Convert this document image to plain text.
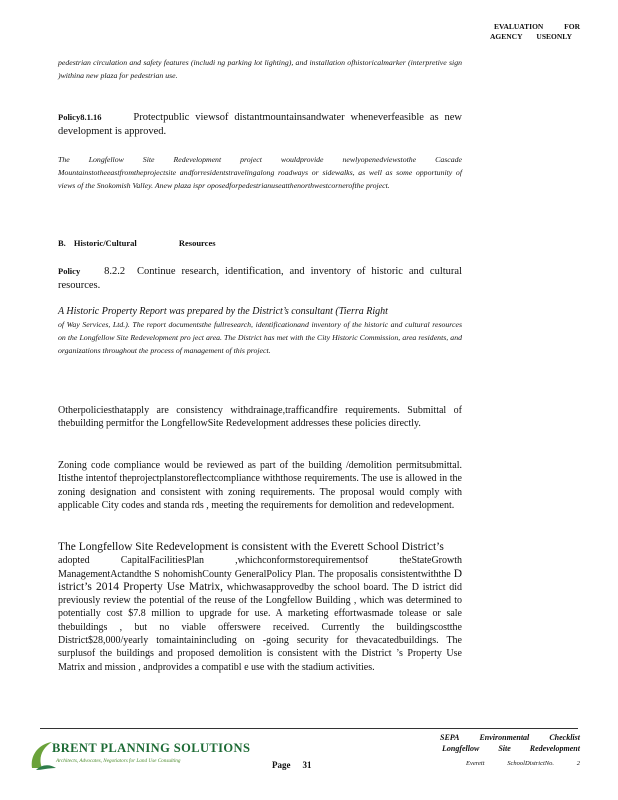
EVALUATION	FOR
AGENCY USEONLY
pedestrian circulation and safety features (includi ng parking lot lighting), and installation ofhistoricalmarker (interpretive sign )withina new plaza for pedestrian use.
Policy8.1.16	Protectpublic viewsof distantmountainsandwater wheneverfeasible as new development is approved.
The Longfellow Site Redevelopment project wouldprovide newlyopenedviewstothe Cascade Mountainstotheeastfromtheprojectsite andforresidentstravelingalong roadways or sidewalks, as well as some opportunity of views of the Snokomish Valley. Anew plaza ispr oposedforpedestrianuseatthenorthwestcornerofthe project.
B. Historic/Cultural	Resources
Policy 8.2.2 Continue research, identification, and inventory of historic and cultural resources.
A Historic Property Report was prepared by the District’s consultant (Tierra Right
of Way Services, Ltd.). The report documentsthe fullresearch, identificationand inventory of the historic and cultural resources on the Longfellow Site Redevelopment pro ject area. The District has met with the City Historic Commission, area residents, and organizations throughout the process of management of this project.
Otherpoliciesthatapply are consistency withdrainage,trafficandfire requirements. Submittal of thebuilding permitfor the LongfellowSite Redevelopment addresses these policies directly.
Zoning code compliance would be reviewed as part of the building /demolition permitsubmittal. Itisthe intentof theprojectplanstoreflectcompliance withthose requirements. The use is allowed in the zoning designation and consistent with zoning requirements. The proposal would comply with applicable City codes and standa rds , meeting the requirements for demolition and redevelopment.
The Longfellow Site Redevelopment is consistent with the Everett School District’s
adopted CapitalFacilitiesPlan ,whichconformstorequirementsof theStateGrowth ManagementActandthe S nohomishCounty GeneralPolicy Plan. The proposalis consistentwiththe D istrict’s 2014 Property Use Matrix, whichwasapprovedby the school board. The D istrict did previously review the potential of the reuse of the Longfellow Building , which was determined to potentially cost $7.8 million to upgrade for use. A marketing effortwasmade tolease or sale thebuildings , but no viable offerswere received. Currently the buildingscostthe District$28,000/yearly tomaintainincluding on -going security for thevacatedbuildings. The surplusof the buildings and proposed demolition is consistent with the District ’s Property Use Matrix and mission , andprovides a compatibl e use with the stadium activities.
BRENT PLANNING SOLUTIONS
Architects, Advocates, Negotiators for Land Use Consulting	Page 31
SEPA	Environmental	Checklist
Longfellow Site Redevelopment
Everett	SchoolDistrictNo.	2
